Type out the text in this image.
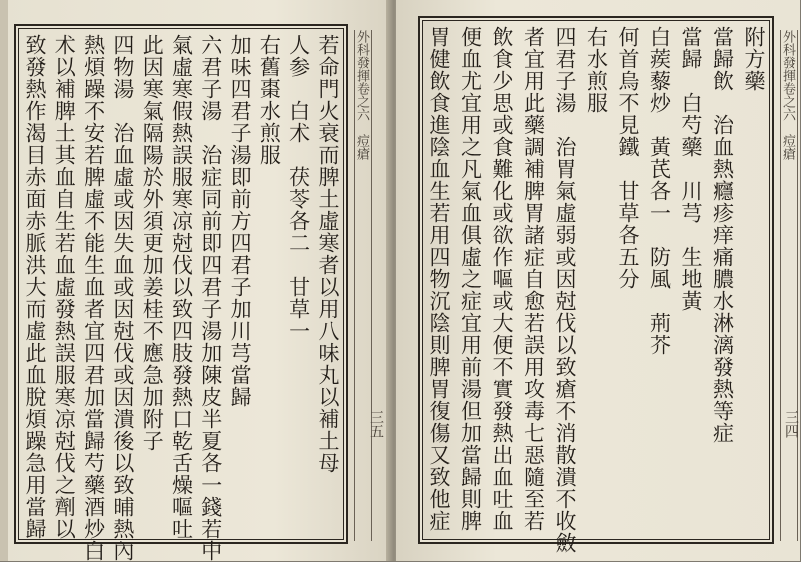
若命門火衰而脾土虛寒者以用八味丸以補土母
人参　白术　茯苓各二　甘草一
右舊棗水煎服
加味四君子湯即前方四君子加川芎當歸
六君子湯　治症同前即四君子湯加陳皮半夏各一錢若中
氣虛寒假熱誤服寒凉尅伐以致四肢發熱口乾舌燥嘔吐
此因寒氣隔陽於外須更加姜桂不應急加附子
四物湯　治血虛或因失血或因尅伐或因潰後以致晡熱內
熱煩躁不安若脾虛不能生血者宜四君加當歸芍藥酒炒白
术以補脾土其血自生若血虛發熱誤服寒凉尅伐之劑以
致發熱作渴目赤面赤脈洪大而虛此血脫煩躁急用當歸	外科發揮卷之六　痘瘡
三五
附方藥
當歸飲　治血熱癮疹痒痛膿水淋漓發熱等症
當歸　白芍藥　川芎　生地黃
白蒺藜炒　黃芪各一　防風　荊芥
何首烏不見鐵　甘草各五分
右水煎服
四君子湯　治胃氣虛弱或因尅伐以致瘡不消散潰不收斂
者宜用此藥調補脾胃諸症自愈若誤用攻毒七惡隨至若
飲食少思或食難化或欲作嘔或大便不實發熱出血吐血
便血尤宜用之凡氣血俱虛之症宜用前湯但加當歸則脾
胃健飲食進陰血生若用四物沉陰則脾胃復傷又致他症	外科發揮卷之六　痘瘡
三四
